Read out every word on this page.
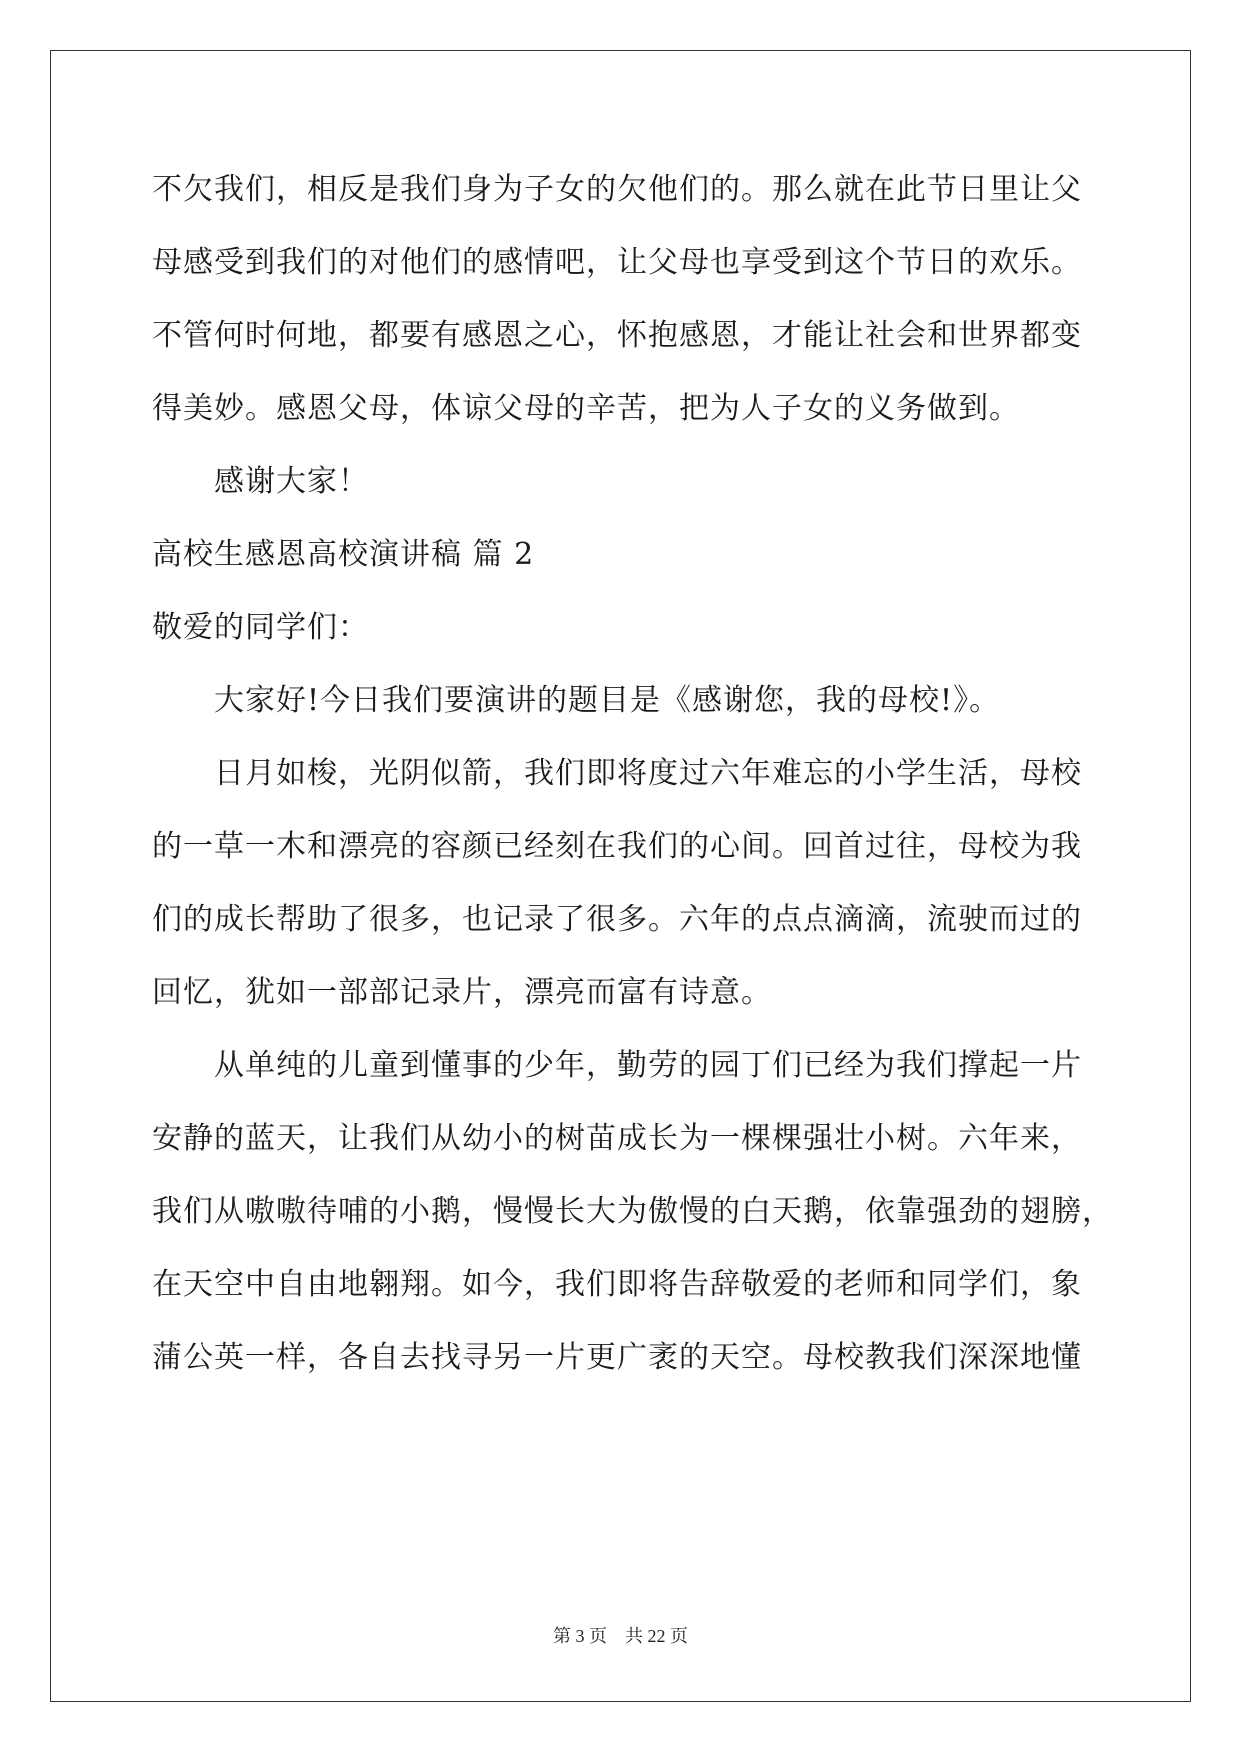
不欠我们，相反是我们身为子女的欠他们的。那么就在此节日里让父
母感受到我们的对他们的感情吧，让父母也享受到这个节日的欢乐。
不管何时何地，都要有感恩之心，怀抱感恩，才能让社会和世界都变
得美妙。感恩父母，体谅父母的辛苦，把为人子女的义务做到。
感谢大家！
高校生感恩高校演讲稿 篇 2
敬爱的同学们：
大家好!今日我们要演讲的题目是《感谢您，我的母校!》。
日月如梭，光阴似箭，我们即将度过六年难忘的小学生活，母校
的一草一木和漂亮的容颜已经刻在我们的心间。回首过往，母校为我
们的成长帮助了很多，也记录了很多。六年的点点滴滴，流驶而过的
回忆，犹如一部部记录片，漂亮而富有诗意。
从单纯的儿童到懂事的少年，勤劳的园丁们已经为我们撑起一片
安静的蓝天，让我们从幼小的树苗成长为一棵棵强壮小树。六年来，
我们从嗷嗷待哺的小鹅，慢慢长大为傲慢的白天鹅，依靠强劲的翅膀，
在天空中自由地翱翔。如今，我们即将告辞敬爱的老师和同学们，象
蒲公英一样，各自去找寻另一片更广袤的天空。母校教我们深深地懂
第 3 页　共 22 页
